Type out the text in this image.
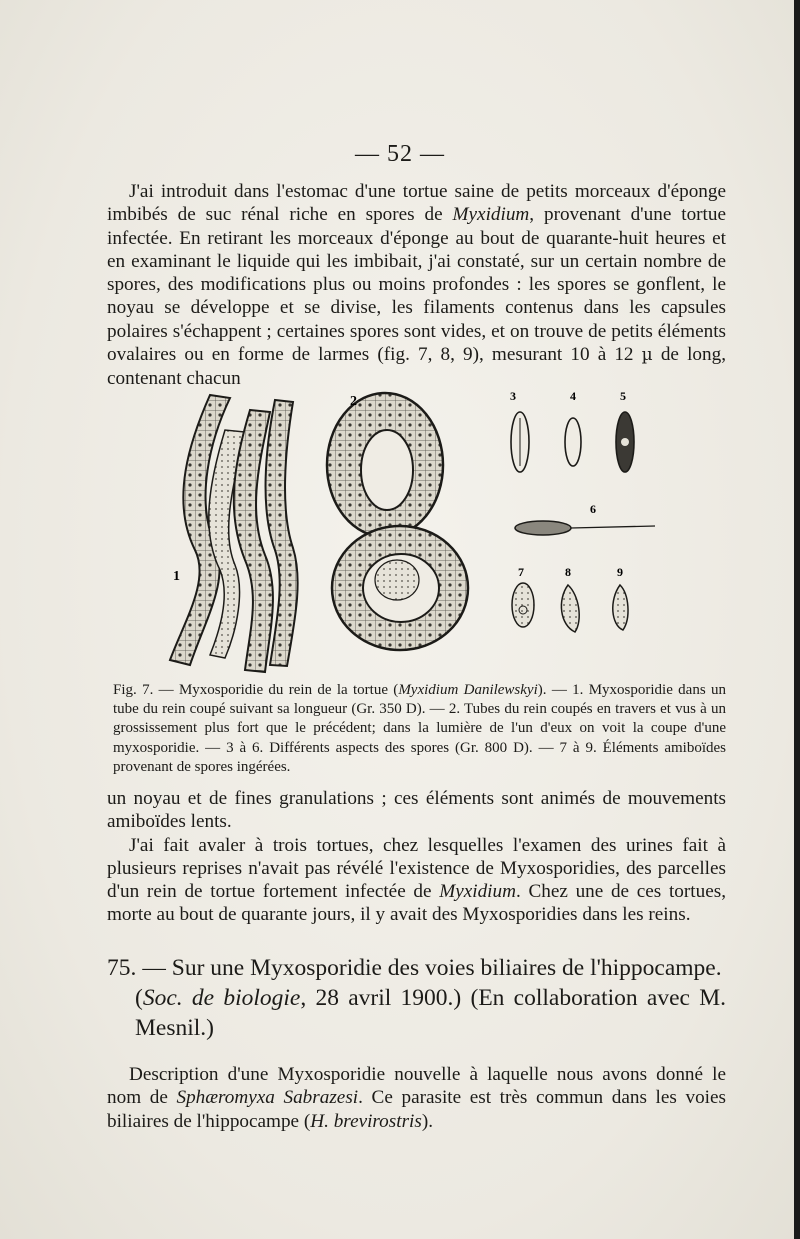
— 52 —

J'ai introduit dans l'estomac d'une tortue saine de petits morceaux d'éponge imbibés de suc rénal riche en spores de Myxidium, provenant d'une tortue infectée. En retirant les morceaux d'éponge au bout de quarante-huit heures et en examinant le liquide qui les imbibait, j'ai constaté, sur un certain nombre de spores, des modifications plus ou moins profondes : les spores se gonflent, le noyau se développe et se divise, les filaments contenus dans les capsules polaires s'échappent ; certaines spores sont vides, et on trouve de petits éléments ovalaires ou en forme de larmes (fig. 7, 8, 9), mesurant 10 à 12 µ de long, contenant chacun

1
2	3	4	5
6
7	8	9
Fig. 7. — Myxosporidie du rein de la tortue (Myxidium Danilewskyi). — 1. Myxosporidie dans un tube du rein coupé suivant sa longueur (Gr. 350 D). — 2. Tubes du rein coupés en travers et vus à un grossissement plus fort que le précédent; dans la lumière de l'un d'eux on voit la coupe d'une myxosporidie. — 3 à 6. Différents aspects des spores (Gr. 800 D). — 7 à 9. Éléments amiboïdes provenant de spores ingérées.

un noyau et de fines granulations ; ces éléments sont animés de mouvements amiboïdes lents.

J'ai fait avaler à trois tortues, chez lesquelles l'examen des urines fait à plusieurs reprises n'avait pas révélé l'existence de Myxosporidies, des parcelles d'un rein de tortue fortement infectée de Myxidium. Chez une de ces tortues, morte au bout de quarante jours, il y avait des Myxosporidies dans les reins.

75. — Sur une Myxosporidie des voies biliaires de l'hippocampe.
(Soc. de biologie, 28 avril 1900.) (En collaboration avec M. Mesnil.)

Description d'une Myxosporidie nouvelle à laquelle nous avons donné le nom de Sphæromyxa Sabrazesi. Ce parasite est très commun dans les voies biliaires de l'hippocampe (H. brevirostris).
